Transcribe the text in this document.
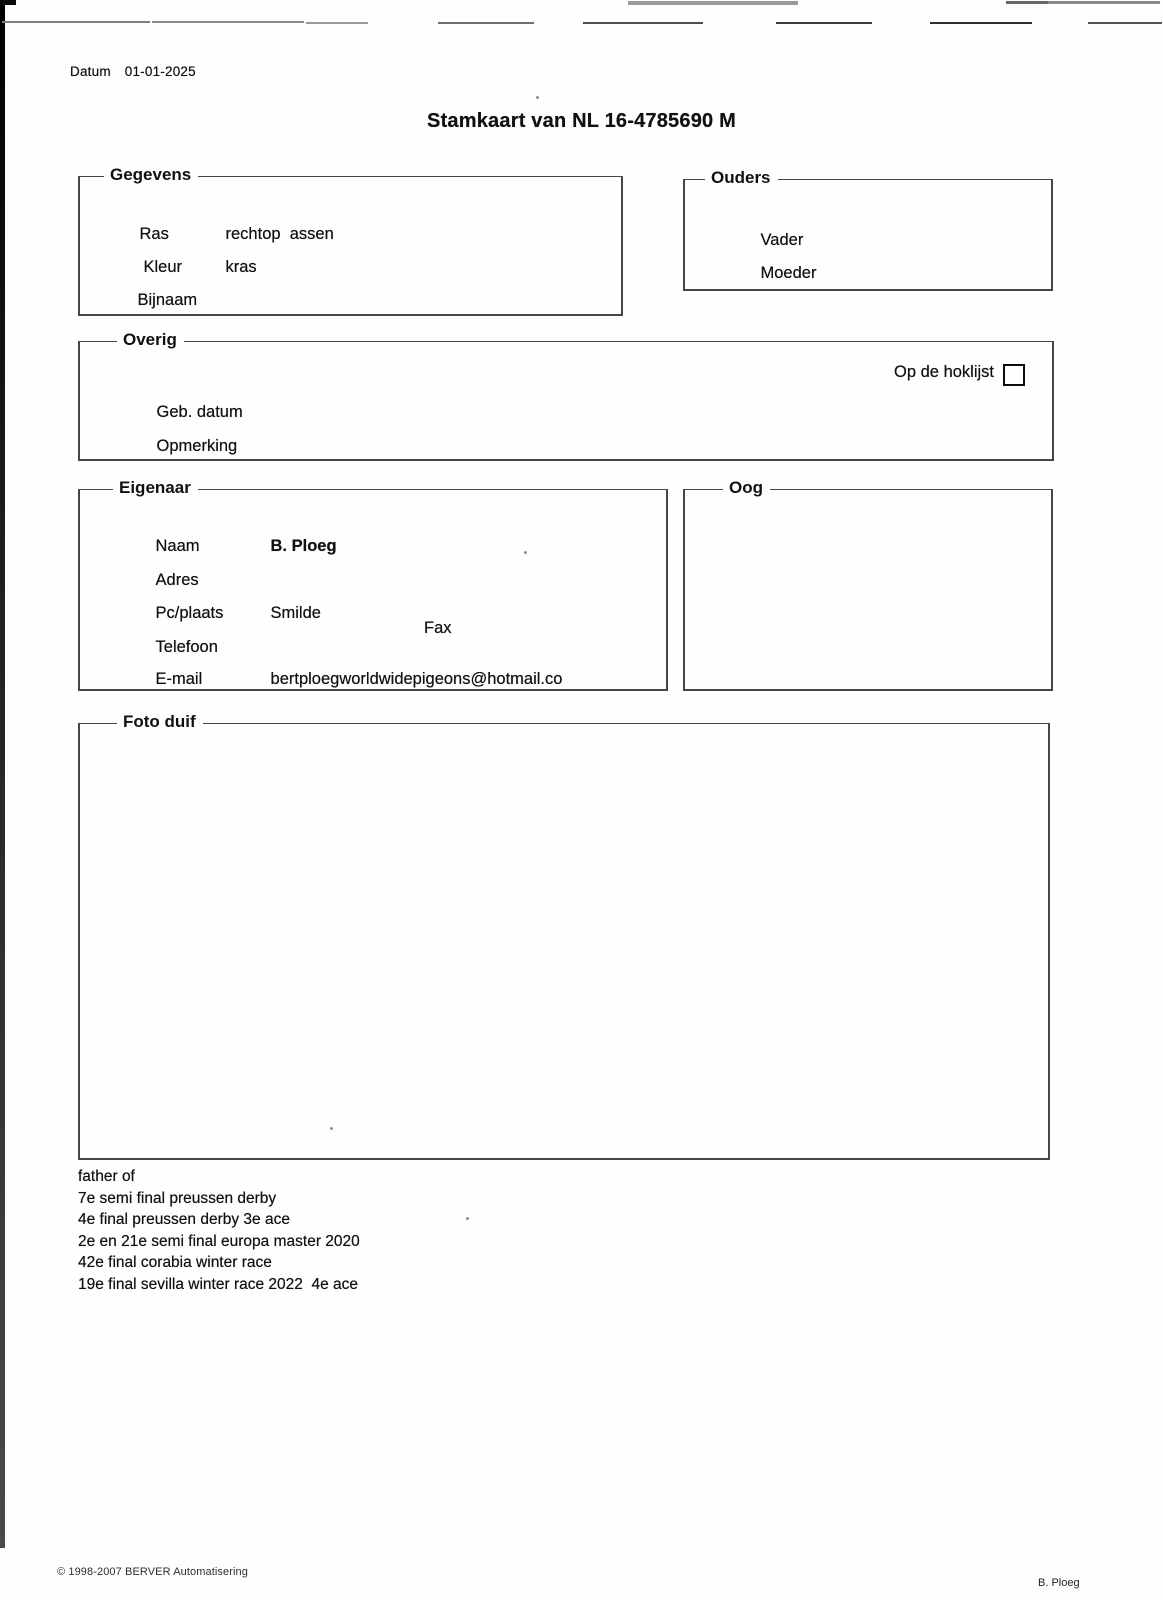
Datum 01-01-2025
Stamkaart van NL 16-4785690 M
Gegevens

Ras	rechtop  assen

Kleur	kras

Bijnaam

Ouders

Vader

Moeder

Overig
Op de hoklijst

Geb. datum

Opmerking

Eigenaar

Naam	B. Ploeg

Adres

Pc/plaats	Smilde

Telefoon

Fax

E-mail	bertploegworldwidepigeons@hotmail.co

Oog
Foto duif
father of
7e semi final preussen derby
4e final preussen derby 3e ace
2e en 21e semi final europa master 2020
42e final corabia winter race
19e final sevilla winter race 2022  4e ace
© 1998-2007 BERVER Automatisering
B. Ploeg
